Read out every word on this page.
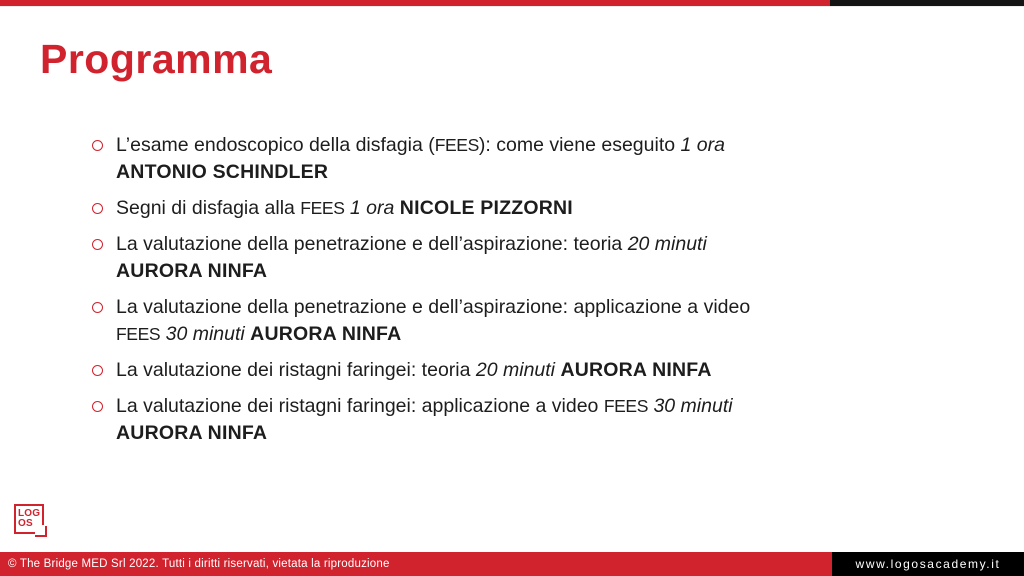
Programma
L’esame endoscopico della disfagia (FEES): come viene eseguito 1 ora
ANTONIO SCHINDLER
Segni di disfagia alla FEES 1 ora NICOLE PIZZORNI
La valutazione della penetrazione e dell’aspirazione: teoria 20 minuti
AURORA NINFA
La valutazione della penetrazione e dell’aspirazione: applicazione a video
FEES 30 minuti AURORA NINFA
La valutazione dei ristagni faringei: teoria 20 minuti AURORA NINFA
La valutazione dei ristagni faringei: applicazione a video FEES 30 minuti
AURORA NINFA
LOG
OS
© The Bridge MED Srl 2022. Tutti i diritti riservati, vietata la riproduzione	www.logosacademy.it
